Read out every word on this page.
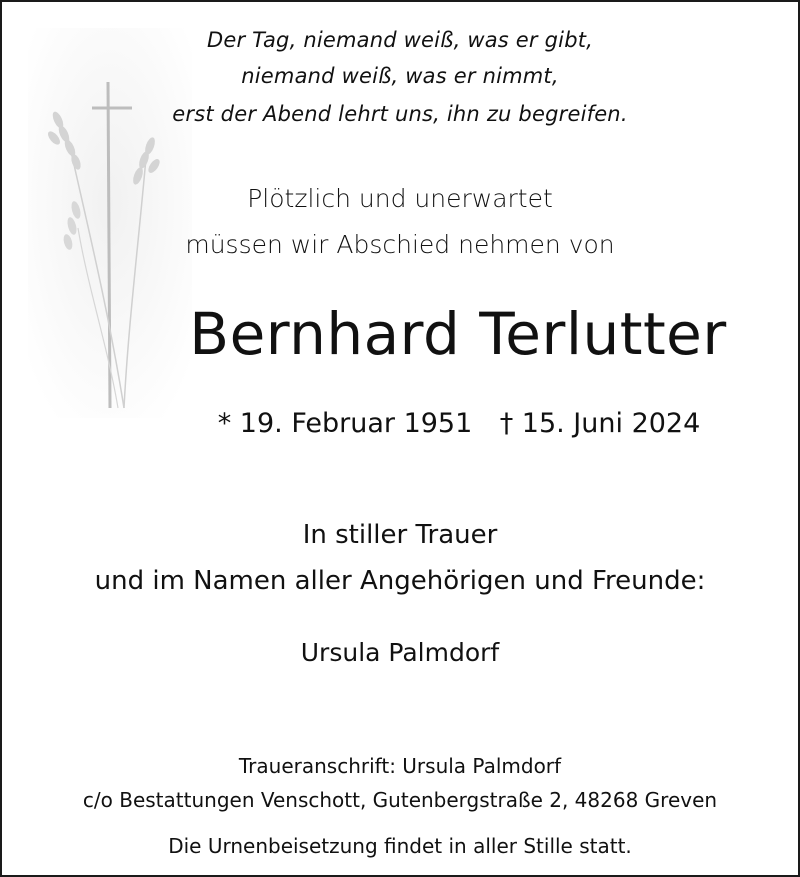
Der Tag, niemand weiß, was er gibt,
niemand weiß, was er nimmt,
erst der Abend lehrt uns, ihn zu begreifen.
Plötzlich und unerwartet
müssen wir Abschied nehmen von
Bernhard Terlutter
* 19. Februar 1951	† 15. Juni 2024
In stiller Trauer
und im Namen aller Angehörigen und Freunde:
Ursula Palmdorf
Traueranschrift: Ursula Palmdorf
c/o Bestattungen Venschott, Gutenbergstraße 2, 48268 Greven
Die Urnenbeisetzung findet in aller Stille statt.
